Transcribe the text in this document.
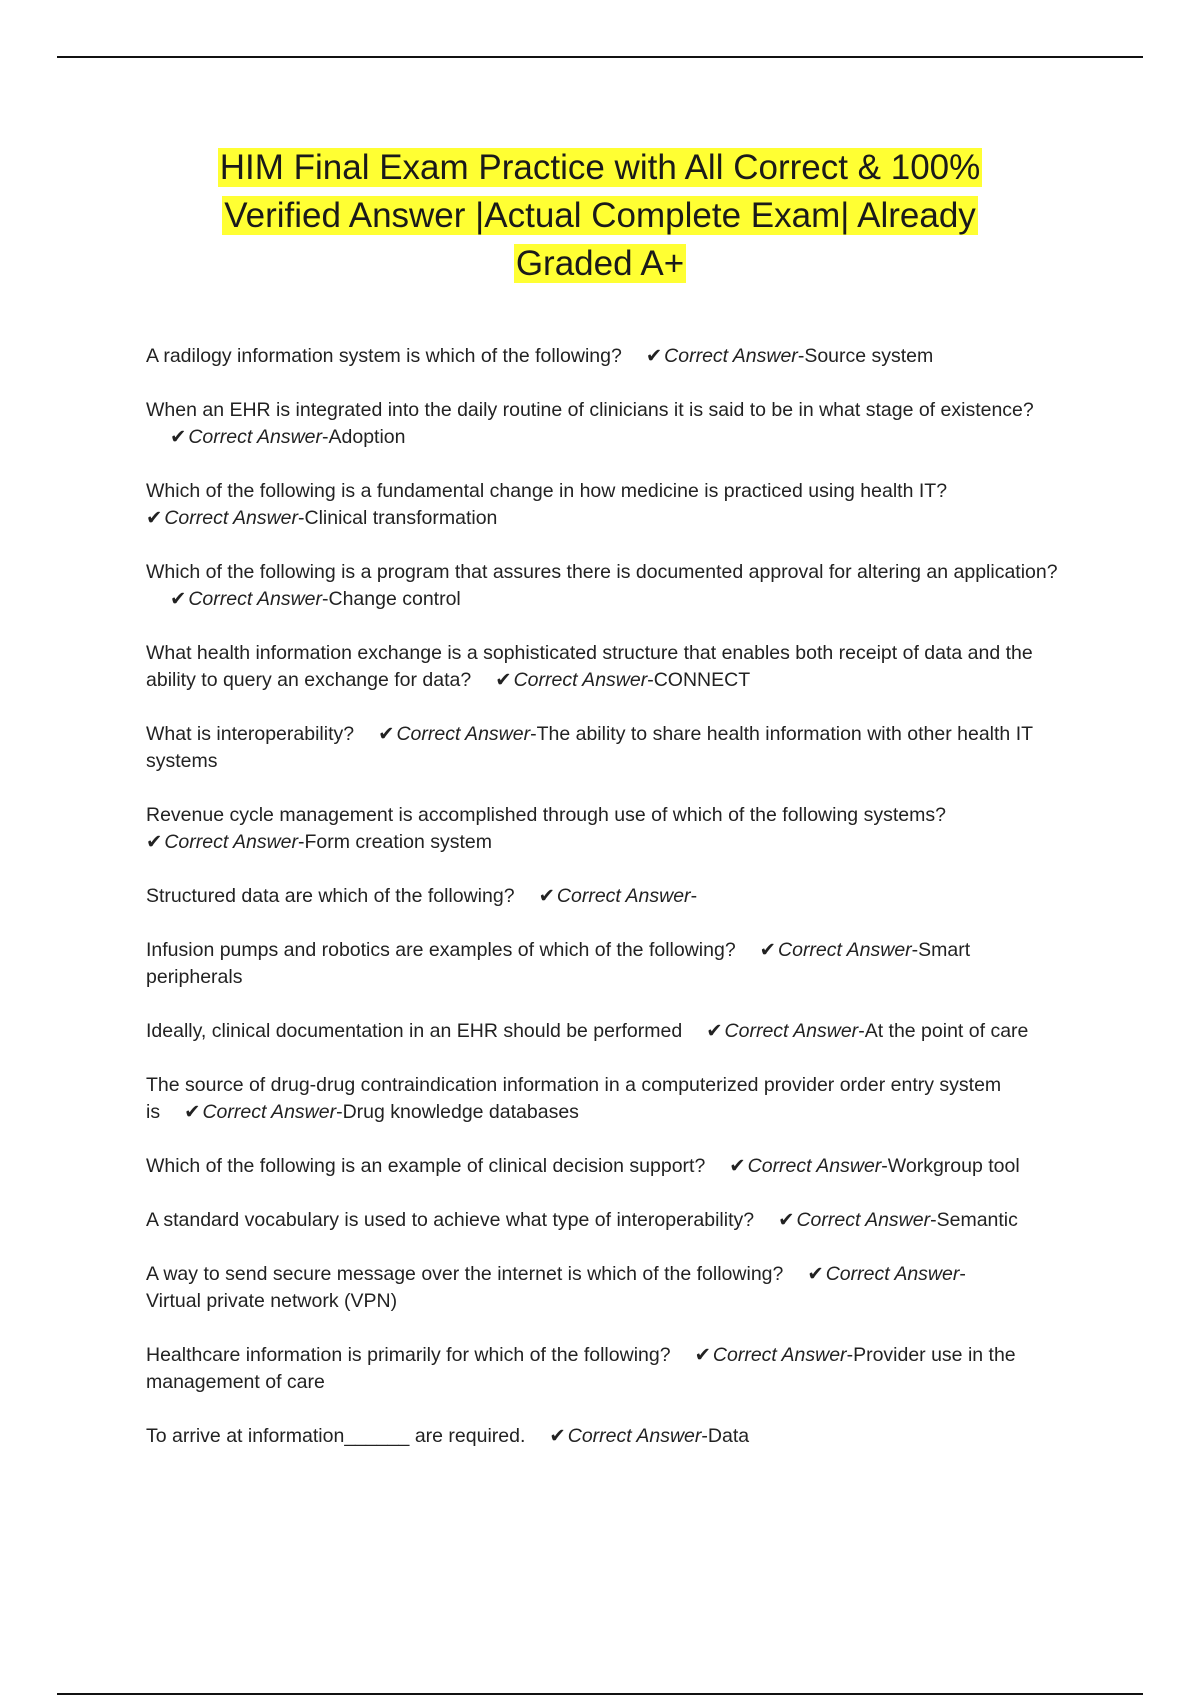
HIM Final Exam Practice with All Correct & 100%
Verified Answer |Actual Complete Exam| Already
Graded A+

A radilogy information system is which of the following? ✔ Correct Answer-Source system

When an EHR is integrated into the daily routine of clinicians it is said to be in what stage of existence?✔ Correct Answer-Adoption

Which of the following is a fundamental change in how medicine is practiced using health IT?
✔ Correct Answer-Clinical transformation

Which of the following is a program that assures there is documented approval for altering an application?✔ Correct Answer-Change control

What health information exchange is a sophisticated structure that enables both receipt of data and the ability to query an exchange for data? ✔ Correct Answer-CONNECT

What is interoperability? ✔ Correct Answer-The ability to share health information with other health IT systems

Revenue cycle management is accomplished through use of which of the following systems?
✔ Correct Answer-Form creation system

Structured data are which of the following? ✔ Correct Answer-

Infusion pumps and robotics are examples of which of the following? ✔ Correct Answer-Smart peripherals

Ideally, clinical documentation in an EHR should be performed ✔ Correct Answer-At the point of care

The source of drug-drug contraindication information in a computerized provider order entry system is ✔ Correct Answer-Drug knowledge databases

Which of the following is an example of clinical decision support? ✔ Correct Answer-Workgroup tool

A standard vocabulary is used to achieve what type of interoperability? ✔ Correct Answer-Semantic

A way to send secure message over the internet is which of the following? ✔ Correct Answer-
Virtual private network (VPN)

Healthcare information is primarily for which of the following? ✔ Correct Answer-Provider use in the management of care

To arrive at information______ are required. ✔ Correct Answer-Data
